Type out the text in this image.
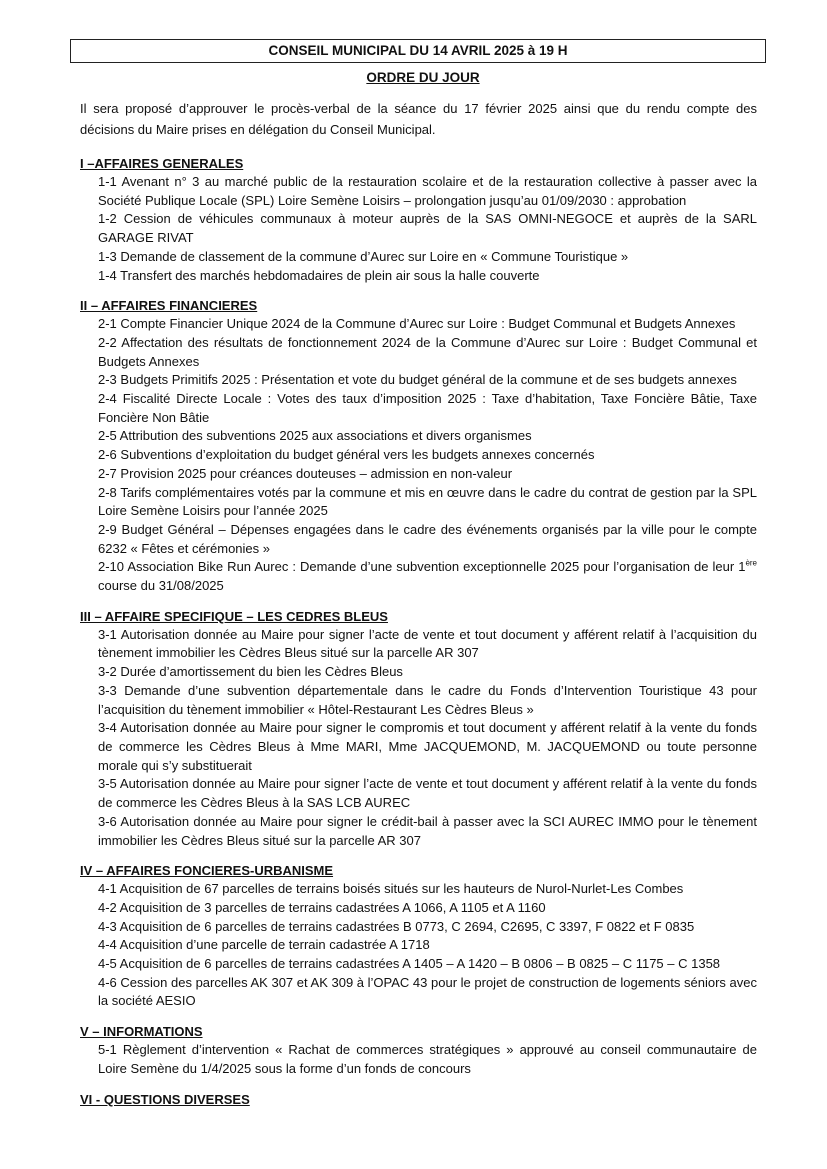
CONSEIL MUNICIPAL DU 14 AVRIL 2025 à 19 H
ORDRE DU JOUR

Il sera proposé d’approuver le procès-verbal de la séance du 17 février 2025 ainsi que du rendu compte des décisions du Maire prises en délégation du Conseil Municipal.

I –AFFAIRES GENERALES
1-1 Avenant n° 3 au marché public de la restauration scolaire et de la restauration collective à passer avec la Société Publique Locale (SPL) Loire Semène Loisirs – prolongation jusqu’au 01/09/2030 : approbation
1-2 Cession de véhicules communaux à moteur auprès de la SAS OMNI-NEGOCE et auprès de la SARL GARAGE RIVAT
1-3 Demande de classement de la commune d’Aurec sur Loire en « Commune Touristique »
1-4 Transfert des marchés hebdomadaires de plein air sous la halle couverte
II – AFFAIRES FINANCIERES
2-1 Compte Financier Unique 2024 de la Commune d’Aurec sur Loire : Budget Communal et Budgets Annexes
2-2 Affectation des résultats de fonctionnement 2024 de la Commune d’Aurec sur Loire : Budget Communal et Budgets Annexes
2-3 Budgets Primitifs 2025 : Présentation et vote du budget général de la commune et de ses budgets annexes
2-4 Fiscalité Directe Locale : Votes des taux d’imposition 2025 : Taxe d’habitation, Taxe Foncière Bâtie, Taxe Foncière Non Bâtie
2-5 Attribution des subventions 2025 aux associations et divers organismes
2-6 Subventions d’exploitation du budget général vers les budgets annexes concernés
2-7 Provision 2025 pour créances douteuses – admission en non-valeur
2-8 Tarifs complémentaires votés par la commune et mis en œuvre dans le cadre du contrat de gestion par la SPL Loire Semène Loisirs pour l’année 2025
2-9 Budget Général – Dépenses engagées dans le cadre des événements organisés par la ville pour le compte 6232 « Fêtes et cérémonies »
2-10 Association Bike Run Aurec : Demande d’une subvention exceptionnelle 2025 pour l’organisation de leur 1ère course du 31/08/2025
III – AFFAIRE SPECIFIQUE – LES CEDRES BLEUS
3-1 Autorisation donnée au Maire pour signer l’acte de vente et tout document y afférent relatif à l’acquisition du tènement immobilier les Cèdres Bleus situé sur la parcelle AR 307
3-2 Durée d’amortissement du bien les Cèdres Bleus
3-3 Demande d’une subvention départementale dans le cadre du Fonds d’Intervention Touristique 43 pour l’acquisition du tènement immobilier « Hôtel-Restaurant Les Cèdres Bleus »
3-4 Autorisation donnée au Maire pour signer le compromis et tout document y afférent relatif à la vente du fonds de commerce les Cèdres Bleus à Mme MARI, Mme JACQUEMOND, M. JACQUEMOND ou toute personne morale qui s’y substituerait
3-5 Autorisation donnée au Maire pour signer l’acte de vente et tout document y afférent relatif à la vente du fonds de commerce les Cèdres Bleus à la SAS LCB AUREC
3-6 Autorisation donnée au Maire pour signer le crédit-bail à passer avec la SCI AUREC IMMO pour le tènement immobilier les Cèdres Bleus situé sur la parcelle AR 307
IV – AFFAIRES FONCIERES-URBANISME
4-1 Acquisition de 67 parcelles de terrains boisés situés sur les hauteurs de Nurol-Nurlet-Les Combes
4-2 Acquisition de 3 parcelles de terrains cadastrées A 1066, A 1105 et A 1160
4-3 Acquisition de 6 parcelles de terrains cadastrées B 0773, C 2694, C2695, C 3397, F 0822 et F 0835
4-4 Acquisition d’une parcelle de terrain cadastrée A 1718
4-5 Acquisition de 6 parcelles de terrains cadastrées A 1405 – A 1420 – B 0806 – B 0825 – C 1175 – C 1358
4-6 Cession des parcelles AK 307 et AK 309 à l’OPAC 43 pour le projet de construction de logements séniors avec la société AESIO
V – INFORMATIONS
5-1 Règlement d’intervention « Rachat de commerces stratégiques » approuvé au conseil communautaire de Loire Semène du 1/4/2025 sous la forme d’un fonds de concours
VI - QUESTIONS DIVERSES
